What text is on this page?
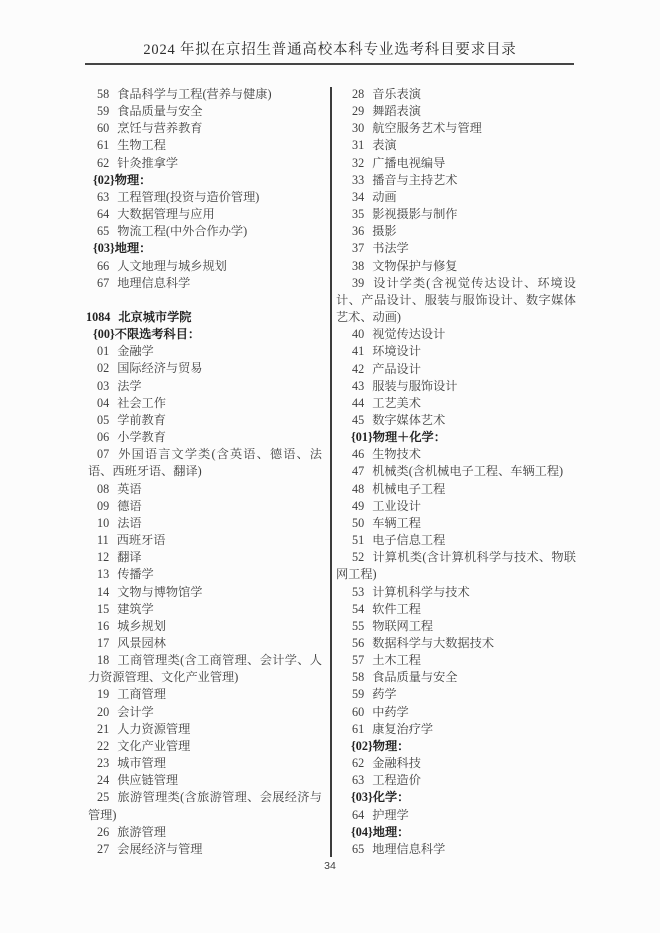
2024 年拟在京招生普通高校本科专业选考科目要求目录
58 食品科学与工程(营养与健康)
59 食品质量与安全
60 烹饪与营养教育
61 生物工程
62 针灸推拿学
{02}物理：
63 工程管理(投资与造价管理)
64 大数据管理与应用
65 物流工程(中外合作办学)
{03}地理：
66 人文地理与城乡规划
67 地理信息科学
1084 北京城市学院
{00}不限选考科目：
01 金融学
02 国际经济与贸易
03 法学
04 社会工作
05 学前教育
06 小学教育
07 外国语言文学类(含英语、德语、法语、西班牙语、翻译)
08 英语
09 德语
10 法语
11 西班牙语
12 翻译
13 传播学
14 文物与博物馆学
15 建筑学
16 城乡规划
17 风景园林
18 工商管理类(含工商管理、会计学、人力资源管理、文化产业管理)
19 工商管理
20 会计学
21 人力资源管理
22 文化产业管理
23 城市管理
24 供应链管理
25 旅游管理类(含旅游管理、会展经济与管理)
26 旅游管理
27 会展经济与管理
28 音乐表演
29 舞蹈表演
30 航空服务艺术与管理
31 表演
32 广播电视编导
33 播音与主持艺术
34 动画
35 影视摄影与制作
36 摄影
37 书法学
38 文物保护与修复
39 设计学类(含视觉传达设计、环境设计、产品设计、服装与服饰设计、数字媒体艺术、动画)
40 视觉传达设计
41 环境设计
42 产品设计
43 服装与服饰设计
44 工艺美术
45 数字媒体艺术
{01}物理＋化学：
46 生物技术
47 机械类(含机械电子工程、车辆工程)
48 机械电子工程
49 工业设计
50 车辆工程
51 电子信息工程
52 计算机类(含计算机科学与技术、物联网工程)
53 计算机科学与技术
54 软件工程
55 物联网工程
56 数据科学与大数据技术
57 土木工程
58 食品质量与安全
59 药学
60 中药学
61 康复治疗学
{02}物理：
62 金融科技
63 工程造价
{03}化学：
64 护理学
{04}地理：
65 地理信息科学
34
